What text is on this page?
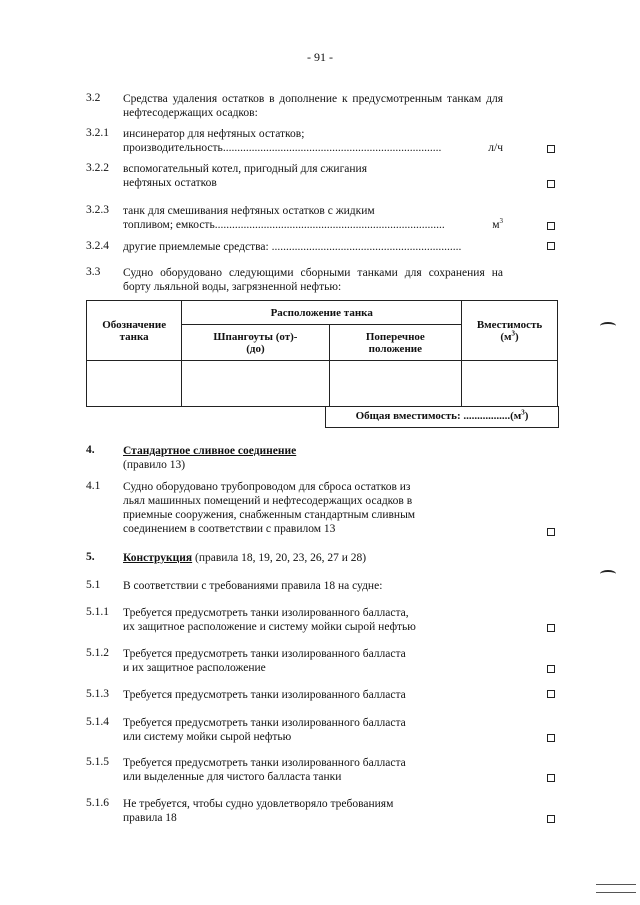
- 91 -
3.2 Средства удаления остатков в дополнение к предусмотренным танкам для нефтесодержащих осадков:
3.2.1 инсинератор для нефтяных остатков;
производительность............................................................................	л/ч
3.2.2 вспомогательный котел, пригодный для сжигания
нефтяных остатков
3.2.3 танк для смешивания нефтяных остатков с жидким
топливом; емкость................................................................................	$м^3$
3.2.4 другие приемлемые средства: ..................................................................
3.3 Судно оборудовано следующими сборными танками для сохранения на борту льяльной воды, загрязненной нефтью:
Обозначение танка	Расположение танка		Вместимость
$(м^3)$

	Шпангоуты (от)-(до)	Поперечное положение	

Общая вместимость: $.................(м^3)$
4. Стандартное сливное соединение
(правило 13)
4.1 Судно оборудовано трубопроводом для сброса остатков из льял машинных помещений и нефтесодержащих осадков в приемные сооружения, снабженным стандартным сливным соединением в соответствии с правилом 13
5. Конструкция (правила 18, 19, 20, 23, 26, 27 и 28)
5.1 В соответствии с требованиями правила 18 на судне:
5.1.1 Требуется предусмотреть танки изолированного балласта,
их защитное расположение и систему мойки сырой нефтью
5.1.2 Требуется предусмотреть танки изолированного балласта
и их защитное расположение
5.1.3 Требуется предусмотреть танки изолированного балласта
5.1.4 Требуется предусмотреть танки изолированного балласта
или систему мойки сырой нефтью
5.1.5 Требуется предусмотреть танки изолированного балласта
или выделенные для чистого балласта танки
5.1.6 Не требуется, чтобы судно удовлетворяло требованиям
правила 18
